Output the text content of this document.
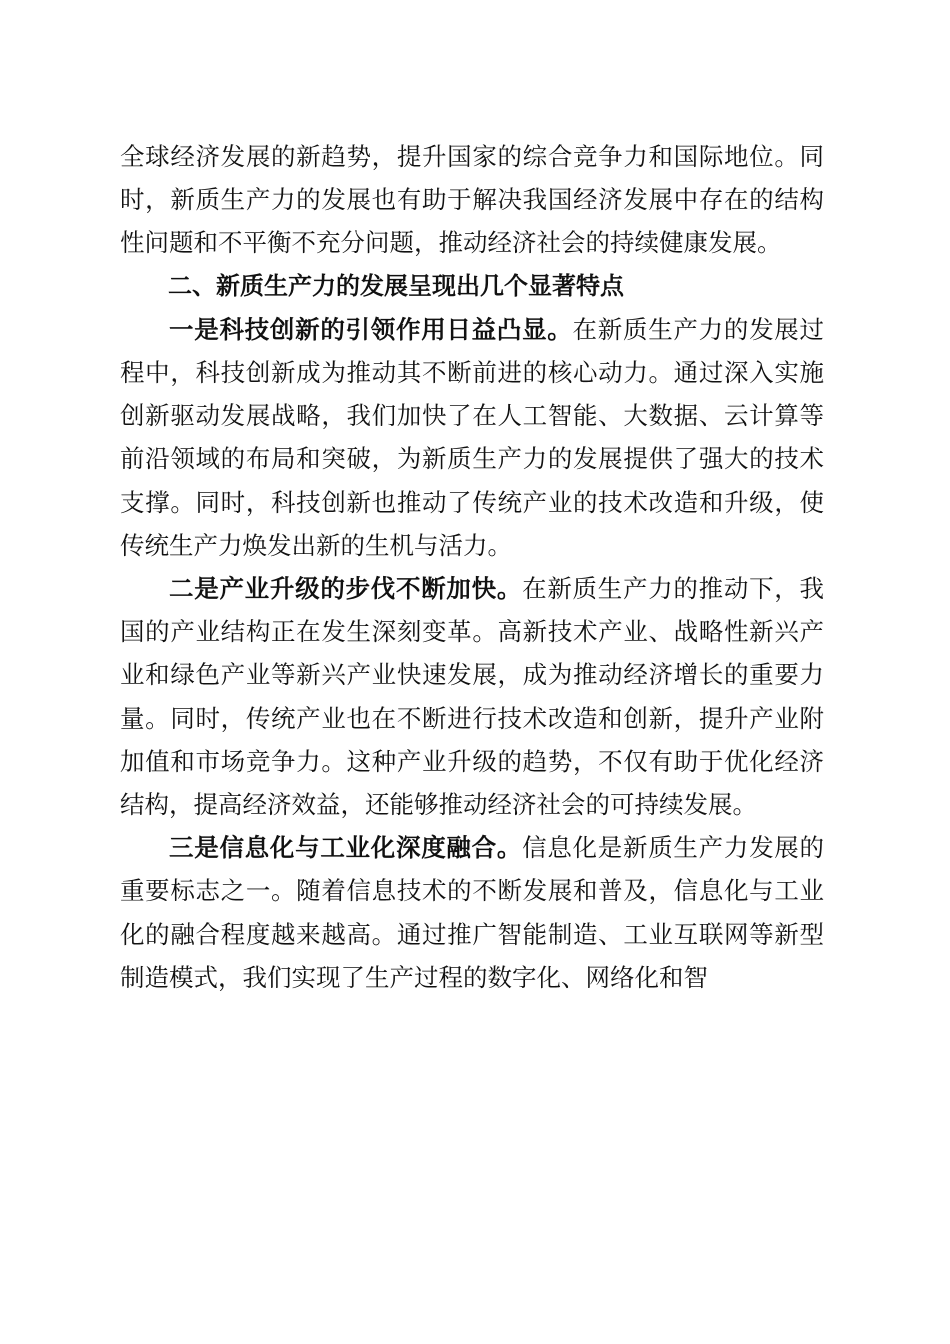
全球经济发展的新趋势，提升国家的综合竞争力和国际地位。同时，新质生产力的发展也有助于解决我国经济发展中存在的结构性问题和不平衡不充分问题，推动经济社会的持续健康发展。

二、新质生产力的发展呈现出几个显著特点

一是科技创新的引领作用日益凸显。在新质生产力的发展过程中，科技创新成为推动其不断前进的核心动力。通过深入实施创新驱动发展战略，我们加快了在人工智能、大数据、云计算等前沿领域的布局和突破，为新质生产力的发展提供了强大的技术支撑。同时，科技创新也推动了传统产业的技术改造和升级，使传统生产力焕发出新的生机与活力。

二是产业升级的步伐不断加快。在新质生产力的推动下，我国的产业结构正在发生深刻变革。高新技术产业、战略性新兴产业和绿色产业等新兴产业快速发展，成为推动经济增长的重要力量。同时，传统产业也在不断进行技术改造和创新，提升产业附加值和市场竞争力。这种产业升级的趋势，不仅有助于优化经济结构，提高经济效益，还能够推动经济社会的可持续发展。

三是信息化与工业化深度融合。信息化是新质生产力发展的重要标志之一。随着信息技术的不断发展和普及，信息化与工业化的融合程度越来越高。通过推广智能制造、工业互联网等新型制造模式，我们实现了生产过程的数字化、网络化和智
